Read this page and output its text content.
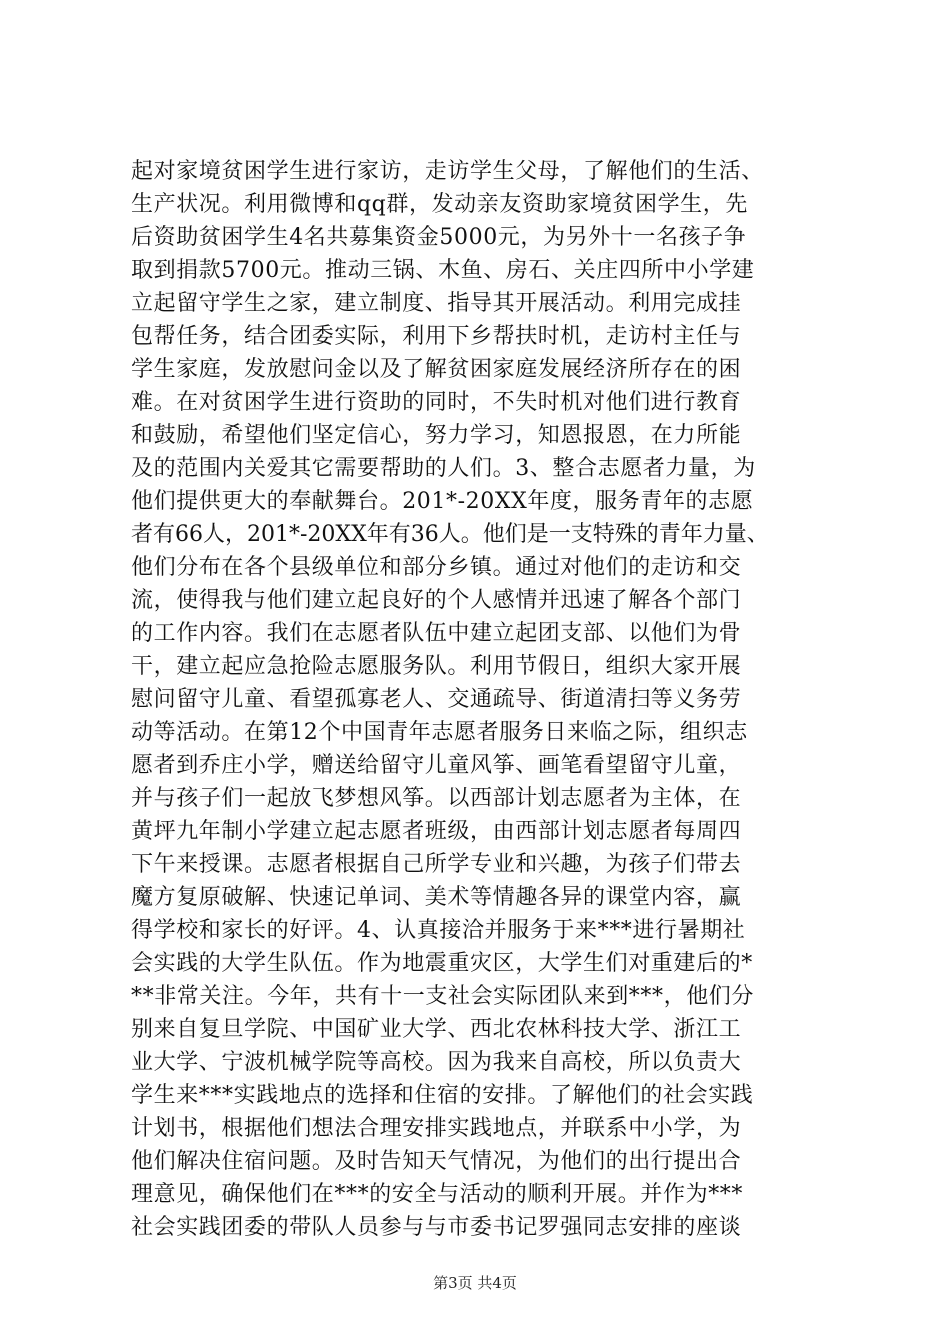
起对家境贫困学生进行家访，走访学生父母，了解他们的生活、
生产状况。利用微博和qq群，发动亲友资助家境贫困学生，先
后资助贫困学生4名共募集资金5000元，为另外十一名孩子争
取到捐款5700元。推动三锅、木鱼、房石、关庄四所中小学建
立起留守学生之家，建立制度、指导其开展活动。利用完成挂
包帮任务，结合团委实际，利用下乡帮扶时机，走访村主任与
学生家庭，发放慰问金以及了解贫困家庭发展经济所存在的困
难。在对贫困学生进行资助的同时，不失时机对他们进行教育
和鼓励，希望他们坚定信心，努力学习，知恩报恩，在力所能
及的范围内关爱其它需要帮助的人们。3、整合志愿者力量，为
他们提供更大的奉献舞台。201*-20XX年度，服务青年的志愿
者有66人，201*-20XX年有36人。他们是一支特殊的青年力量、
他们分布在各个县级单位和部分乡镇。通过对他们的走访和交
流，使得我与他们建立起良好的个人感情并迅速了解各个部门
的工作内容。我们在志愿者队伍中建立起团支部、以他们为骨
干，建立起应急抢险志愿服务队。利用节假日，组织大家开展
慰问留守儿童、看望孤寡老人、交通疏导、街道清扫等义务劳
动等活动。在第12个中国青年志愿者服务日来临之际，组织志
愿者到乔庄小学，赠送给留守儿童风筝、画笔看望留守儿童，
并与孩子们一起放飞梦想风筝。以西部计划志愿者为主体，在
黄坪九年制小学建立起志愿者班级，由西部计划志愿者每周四
下午来授课。志愿者根据自己所学专业和兴趣，为孩子们带去
魔方复原破解、快速记单词、美术等情趣各异的课堂内容，赢
得学校和家长的好评。4、认真接洽并服务于来***进行暑期社
会实践的大学生队伍。作为地震重灾区，大学生们对重建后的*
**非常关注。今年，共有十一支社会实际团队来到***，他们分
别来自复旦学院、中国矿业大学、西北农林科技大学、浙江工
业大学、宁波机械学院等高校。因为我来自高校，所以负责大
学生来***实践地点的选择和住宿的安排。了解他们的社会实践
计划书，根据他们想法合理安排实践地点，并联系中小学，为
他们解决住宿问题。及时告知天气情况，为他们的出行提出合
理意见，确保他们在***的安全与活动的顺利开展。并作为***
社会实践团委的带队人员参与与市委书记罗强同志安排的座谈
第3页 共4页
